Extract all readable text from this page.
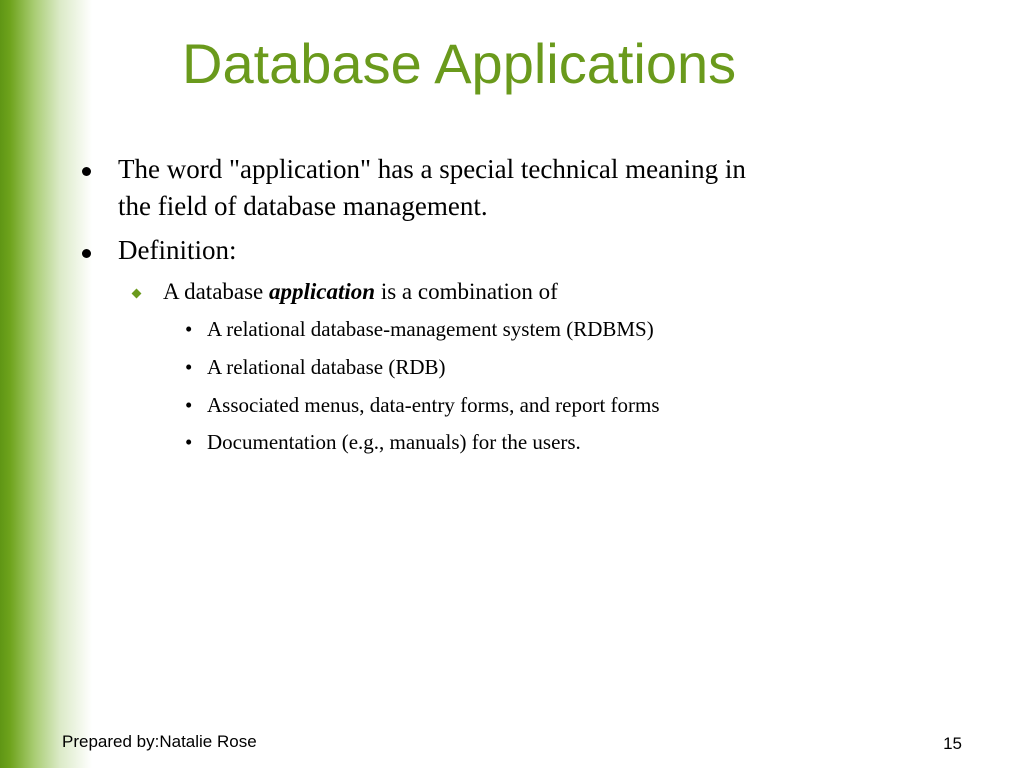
Database Applications
The word "application" has a special technical meaning in
the field of database management.
Definition:
A database application is a combination of
• A relational database-management system (RDBMS)
• A relational database (RDB)
• Associated menus, data-entry forms, and report forms
• Documentation (e.g., manuals) for the users.
Prepared by:Natalie Rose	15
